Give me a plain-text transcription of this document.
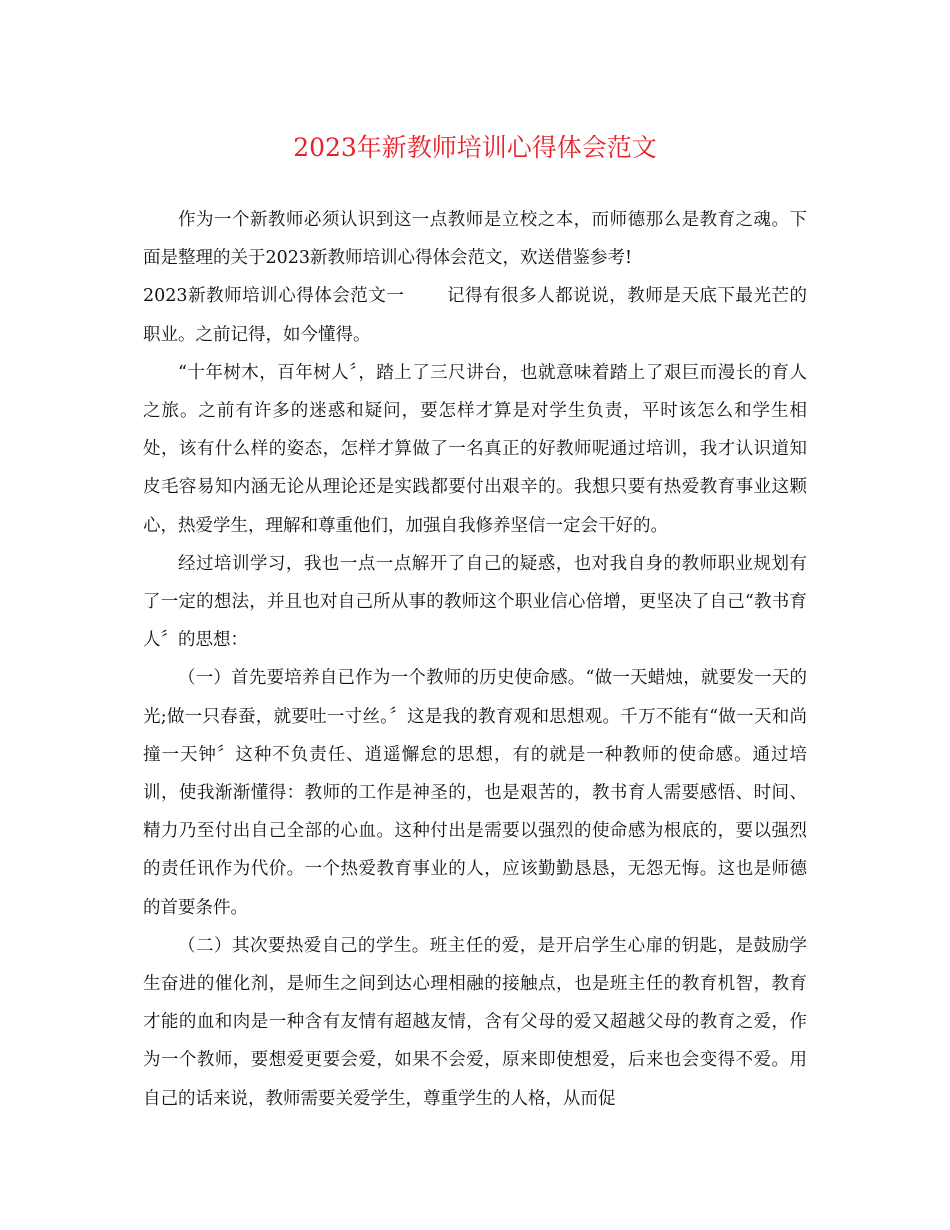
2023年新教师培训心得体会范文

作为一个新教师必须认识到这一点教师是立校之本，而师德那么是教育之魂。下面是整理的关于2023新教师培训心得体会范文，欢送借鉴参考!

2023新教师培训心得体会范文一 记得有很多人都说说，教师是天底下最光芒的职业。之前记得，如今懂得。

“十年树木，百年树人〞，踏上了三尺讲台，也就意味着踏上了艰巨而漫长的育人之旅。之前有许多的迷惑和疑问，要怎样才算是对学生负责，平时该怎么和学生相处，该有什么样的姿态，怎样才算做了一名真正的好教师呢通过培训，我才认识道知皮毛容易知内涵无论从理论还是实践都要付出艰辛的。我想只要有热爱教育事业这颗心，热爱学生，理解和尊重他们，加强自我修养坚信一定会干好的。

经过培训学习，我也一点一点解开了自己的疑惑，也对我自身的教师职业规划有了一定的想法，并且也对自己所从事的教师这个职业信心倍增，更坚决了自己“教书育人〞的思想：

（一）首先要培养自已作为一个教师的历史使命感。“做一天蜡烛，就要发一天的光;做一只春蚕，就要吐一寸丝。〞这是我的教育观和思想观。千万不能有“做一天和尚撞一天钟〞这种不负责任、逍遥懈怠的思想，有的就是一种教师的使命感。通过培训，使我渐渐懂得：教师的工作是神圣的，也是艰苦的，教书育人需要感悟、时间、精力乃至付出自己全部的心血。这种付出是需要以强烈的使命感为根底的，要以强烈的责任讯作为代价。一个热爱教育事业的人，应该勤勤恳恳，无怨无悔。这也是师德的首要条件。

（二）其次要热爱自己的学生。班主任的爱，是开启学生心扉的钥匙，是鼓励学生奋进的催化剂，是师生之间到达心理相融的接触点，也是班主任的教育机智，教育才能的血和肉是一种含有友情有超越友情，含有父母的爱又超越父母的教育之爱，作为一个教师，要想爱更要会爱，如果不会爱，原来即使想爱，后来也会变得不爱。用自己的话来说，教师需要关爱学生，尊重学生的人格，从而促
